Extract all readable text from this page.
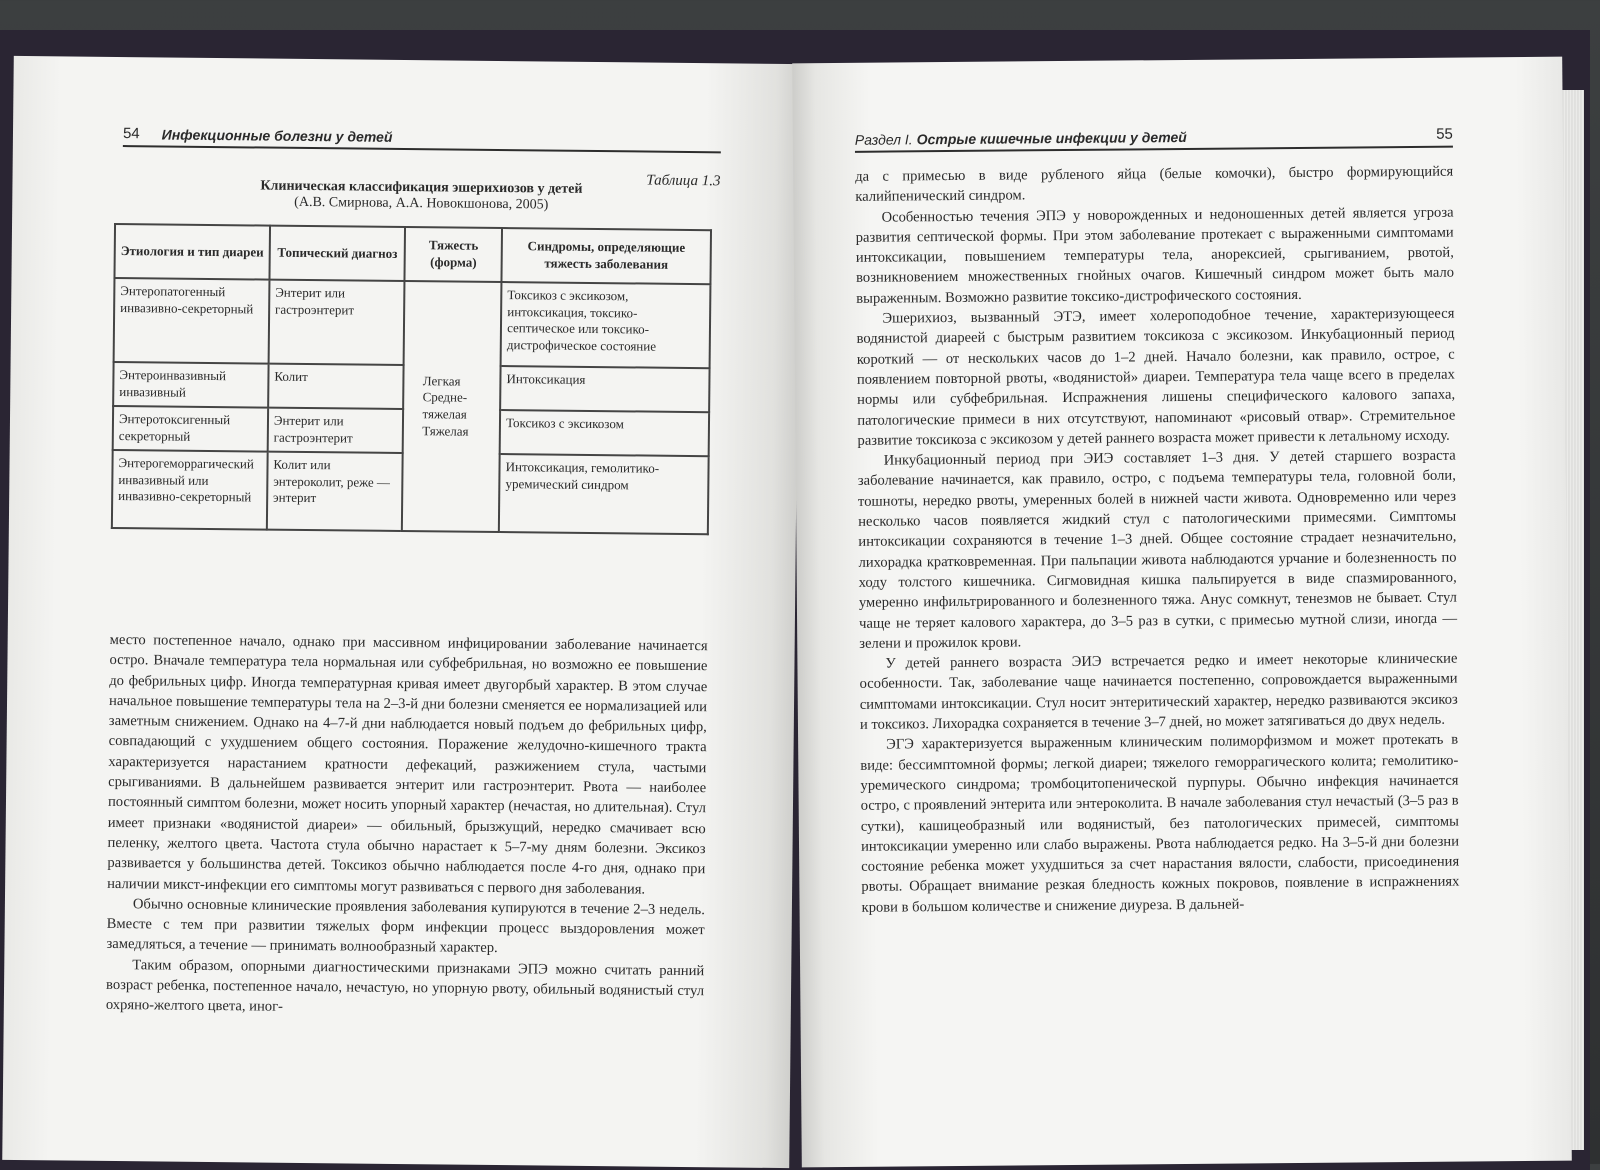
54 Инфекционные болезни у детей
Таблица 1.3
Клиническая классификация эшерихиозов у детей
(А.В. Смирнова, А.А. Новокшонова, 2005)
Этиология и тип диареи	Топический диагноз	Тяжесть (форма)	Синдромы, определяющие тяжесть заболевания
Энтеропатогенный инвазивно-секреторный	Энтерит или гастроэнтерит	Легкая Средне-тяжелая Тяжелая	Токсикоз с эксикозом, интоксикация, токсико-септическое или токсико-дистрофическое состояние
Энтероинвазивный инвазивный	Колит		Интоксикация
Энтеротоксигенный секреторный	Энтерит или гастроэнтерит		Токсикоз с эксикозом
Энтерогеморрагический инвазивный или инвазивно-секреторный	Колит или энтероколит, реже — энтерит		Интоксикация, гемолитико-уремический синдром

место постепенное начало, однако при массивном инфицировании заболевание начинается остро. Вначале температура тела нормальная или субфебрильная, но возможно ее повышение до фебрильных цифр. Иногда температурная кривая имеет двугорбый характер. В этом случае начальное повышение температуры тела на 2–3-й дни болезни сменяется ее нормализацией или заметным снижением. Однако на 4–7-й дни наблюдается новый подъем до фебрильных цифр, совпадающий с ухудшением общего состояния. Поражение желудочно-кишечного тракта характеризуется нарастанием кратности дефекаций, разжижением стула, частыми срыгиваниями. В дальнейшем развивается энтерит или гастроэнтерит. Рвота — наиболее постоянный симптом болезни, может носить упорный характер (нечастая, но длительная). Стул имеет признаки «водянистой диареи» — обильный, брызжущий, нередко смачивает всю пеленку, желтого цвета. Частота стула обычно нарастает к 5–7-му дням болезни. Эксикоз развивается у большинства детей. Токсикоз обычно наблюдается после 4-го дня, однако при наличии микст-инфекции его симптомы могут развиваться с первого дня заболевания.

Обычно основные клинические проявления заболевания купируются в течение 2–3 недель. Вместе с тем при развитии тяжелых форм инфекции процесс выздоровления может замедляться, а течение — принимать волнообразный характер.

Таким образом, опорными диагностическими признаками ЭПЭ можно считать ранний возраст ребенка, постепенное начало, нечастую, но упорную рвоту, обильный водянистый стул охряно-желтого цвета, иног-

Раздел I. Острые кишечные инфекции у детей	55

да с примесью в виде рубленого яйца (белые комочки), быстро формирующийся калийпенический синдром.

Особенностью течения ЭПЭ у новорожденных и недоношенных детей является угроза развития септической формы. При этом заболевание протекает с выраженными симптомами интоксикации, повышением температуры тела, анорексией, срыгиванием, рвотой, возникновением множественных гнойных очагов. Кишечный синдром может быть мало выраженным. Возможно развитие токсико-дистрофического состояния.

Эшерихиоз, вызванный ЭТЭ, имеет холероподобное течение, характеризующееся водянистой диареей с быстрым развитием токсикоза с эксикозом. Инкубационный период короткий — от нескольких часов до 1–2 дней. Начало болезни, как правило, острое, с появлением повторной рвоты, «водянистой» диареи. Температура тела чаще всего в пределах нормы или субфебрильная. Испражнения лишены специфического калового запаха, патологические примеси в них отсутствуют, напоминают «рисовый отвар». Стремительное развитие токсикоза с эксикозом у детей раннего возраста может привести к летальному исходу.

Инкубационный период при ЭИЭ составляет 1–3 дня. У детей старшего возраста заболевание начинается, как правило, остро, с подъема температуры тела, головной боли, тошноты, нередко рвоты, умеренных болей в нижней части живота. Одновременно или через несколько часов появляется жидкий стул с патологическими примесями. Симптомы интоксикации сохраняются в течение 1–3 дней. Общее состояние страдает незначительно, лихорадка кратковременная. При пальпации живота наблюдаются урчание и болезненность по ходу толстого кишечника. Сигмовидная кишка пальпируется в виде спазмированного, умеренно инфильтрированного и болезненного тяжа. Анус сомкнут, тенезмов не бывает. Стул чаще не теряет калового характера, до 3–5 раз в сутки, с примесью мутной слизи, иногда — зелени и прожилок крови.

У детей раннего возраста ЭИЭ встречается редко и имеет некоторые клинические особенности. Так, заболевание чаще начинается постепенно, сопровождается выраженными симптомами интоксикации. Стул носит энтеритический характер, нередко развиваются эксикоз и токсикоз. Лихорадка сохраняется в течение 3–7 дней, но может затягиваться до двух недель.

ЭГЭ характеризуется выраженным клиническим полиморфизмом и может протекать в виде: бессимптомной формы; легкой диареи; тяжелого геморрагического колита; гемолитико-уремического синдрома; тромбоцитопенической пурпуры. Обычно инфекция начинается остро, с проявлений энтерита или энтероколита. В начале заболевания стул нечастый (3–5 раз в сутки), кашицеобразный или водянистый, без патологических примесей, симптомы интоксикации умеренно или слабо выражены. Рвота наблюдается редко. На 3–5-й дни болезни состояние ребенка может ухудшиться за счет нарастания вялости, слабости, присоединения рвоты. Обращает внимание резкая бледность кожных покровов, появление в испражнениях крови в большом количестве и снижение диуреза. В дальней-
